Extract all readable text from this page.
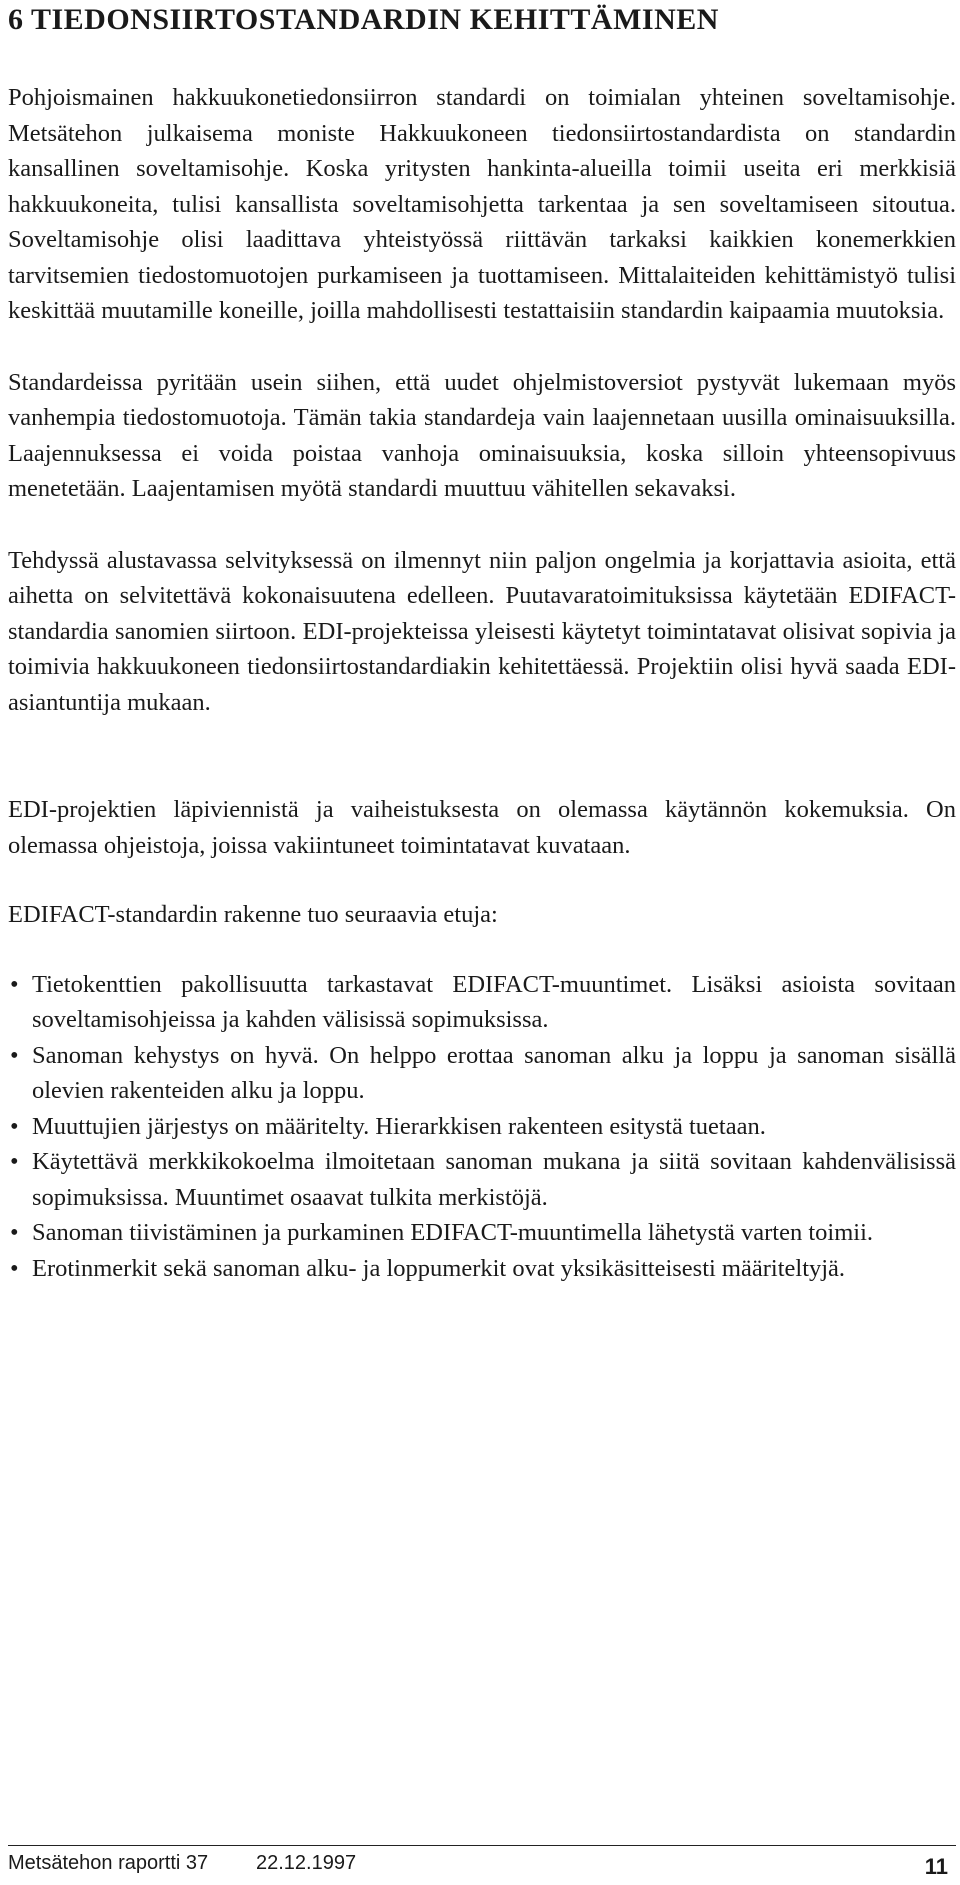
6 TIEDONSIIRTOSTANDARDIN KEHITTÄMINEN

Pohjoismainen hakkuukonetiedonsiirron standardi on toimialan yhteinen soveltamisohje. Metsätehon julkaisema moniste Hakkuukoneen tiedonsiirtostandardista on standardin kansallinen soveltamisohje. Koska yritysten hankinta-alueilla toimii useita eri merkkisiä hakkuukoneita, tulisi kansallista soveltamisohjetta tarkentaa ja sen soveltamiseen sitoutua. Soveltamisohje olisi laadittava yhteistyössä riittävän tarkaksi kaikkien konemerkkien tarvitsemien tiedostomuotojen purkamiseen ja tuottamiseen. Mittalaiteiden kehittämistyö tulisi keskittää muutamille koneille, joilla mahdollisesti testattaisiin standardin kaipaamia muutoksia.

Standardeissa pyritään usein siihen, että uudet ohjelmistoversiot pystyvät lukemaan myös vanhempia tiedostomuotoja. Tämän takia standardeja vain laajennetaan uusilla ominaisuuksilla. Laajennuksessa ei voida poistaa vanhoja ominaisuuksia, koska silloin yhteensopivuus menetetään. Laajentamisen myötä standardi muuttuu vähitellen sekavaksi.

Tehdyssä alustavassa selvityksessä on ilmennyt niin paljon ongelmia ja korjattavia asioita, että aihetta on selvitettävä kokonaisuutena edelleen. Puutavaratoimituksissa käytetään EDIFACT-standardia sanomien siirtoon. EDI-projekteissa yleisesti käytetyt toimintatavat olisivat sopivia ja toimivia hakkuukoneen tiedonsiirtostandardiakin kehitettäessä. Projektiin olisi hyvä saada EDI-asiantuntija mukaan.

EDI-projektien läpiviennistä ja vaiheistuksesta on olemassa käytännön kokemuksia. On olemassa ohjeistoja, joissa vakiintuneet toimintatavat kuvataan.

EDIFACT-standardin rakenne tuo seuraavia etuja:

• Tietokenttien pakollisuutta tarkastavat EDIFACT-muuntimet. Lisäksi asioista sovitaan soveltamisohjeissa ja kahden välisissä sopimuksissa.
• Sanoman kehystys on hyvä. On helppo erottaa sanoman alku ja loppu ja sanoman sisällä olevien rakenteiden alku ja loppu.
• Muuttujien järjestys on määritelty. Hierarkkisen rakenteen esitystä tuetaan.
• Käytettävä merkkikokoelma ilmoitetaan sanoman mukana ja siitä sovitaan kahdenvälisissä sopimuksissa. Muuntimet osaavat tulkita merkistöjä.
• Sanoman tiivistäminen ja purkaminen EDIFACT-muuntimella lähetystä varten toimii.
• Erotinmerkit sekä sanoman alku- ja loppumerkit ovat yksikäsitteisesti määriteltyjä.
Metsätehon raportti 37 22.12.1997	11
